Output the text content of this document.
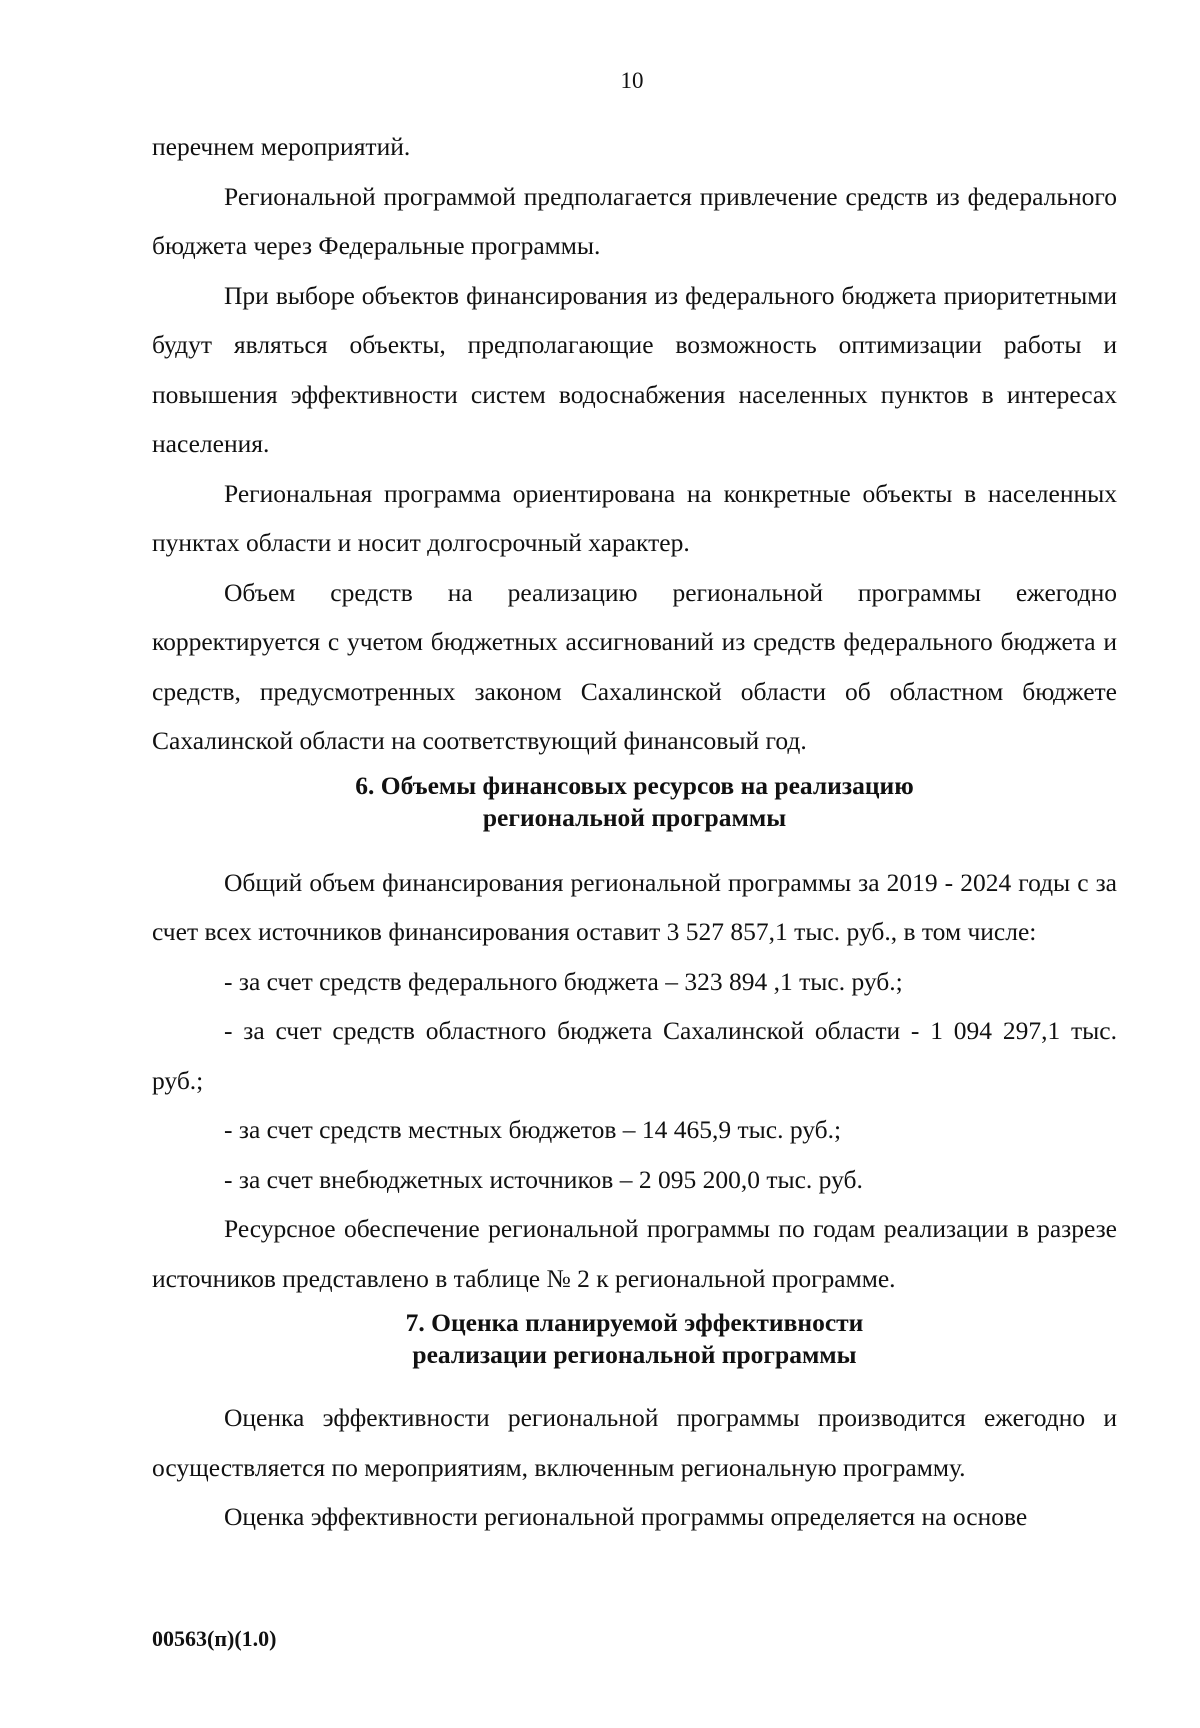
10

перечнем мероприятий.

Региональной программой предполагается привлечение средств из федерального бюджета через Федеральные программы.

При выборе объектов финансирования из федерального бюджета приоритетными будут являться объекты, предполагающие возможность оптимизации работы и повышения эффективности систем водоснабжения населенных пунктов в интересах населения.

Региональная программа ориентирована на конкретные объекты в населенных пунктах области и носит долгосрочный характер.

Объем средств на реализацию региональной программы ежегодно корректируется с учетом бюджетных ассигнований из средств федерального бюджета и средств, предусмотренных законом Сахалинской области об областном бюджете Сахалинской области на соответствующий финансовый год.

6. Объемы финансовых ресурсов на реализацию
региональной программы

Общий объем финансирования региональной программы за 2019 - 2024 годы с за счет всех источников финансирования оставит 3 527 857,1 тыс. руб., в том числе:

- за счет средств федерального бюджета – 323 894 ,1 тыс. руб.;

- за счет средств областного бюджета Сахалинской области - 1 094 297,1 тыс. руб.;

- за счет средств местных бюджетов – 14 465,9 тыс. руб.;

- за счет внебюджетных источников – 2 095 200,0 тыс. руб.

Ресурсное обеспечение региональной программы по годам реализации в разрезе источников представлено в таблице № 2 к региональной программе.

7. Оценка планируемой эффективности
реализации региональной программы

Оценка эффективности региональной программы производится ежегодно и осуществляется по мероприятиям, включенным региональную программу.

Оценка эффективности региональной программы определяется на основе

00563(п)(1.0)
